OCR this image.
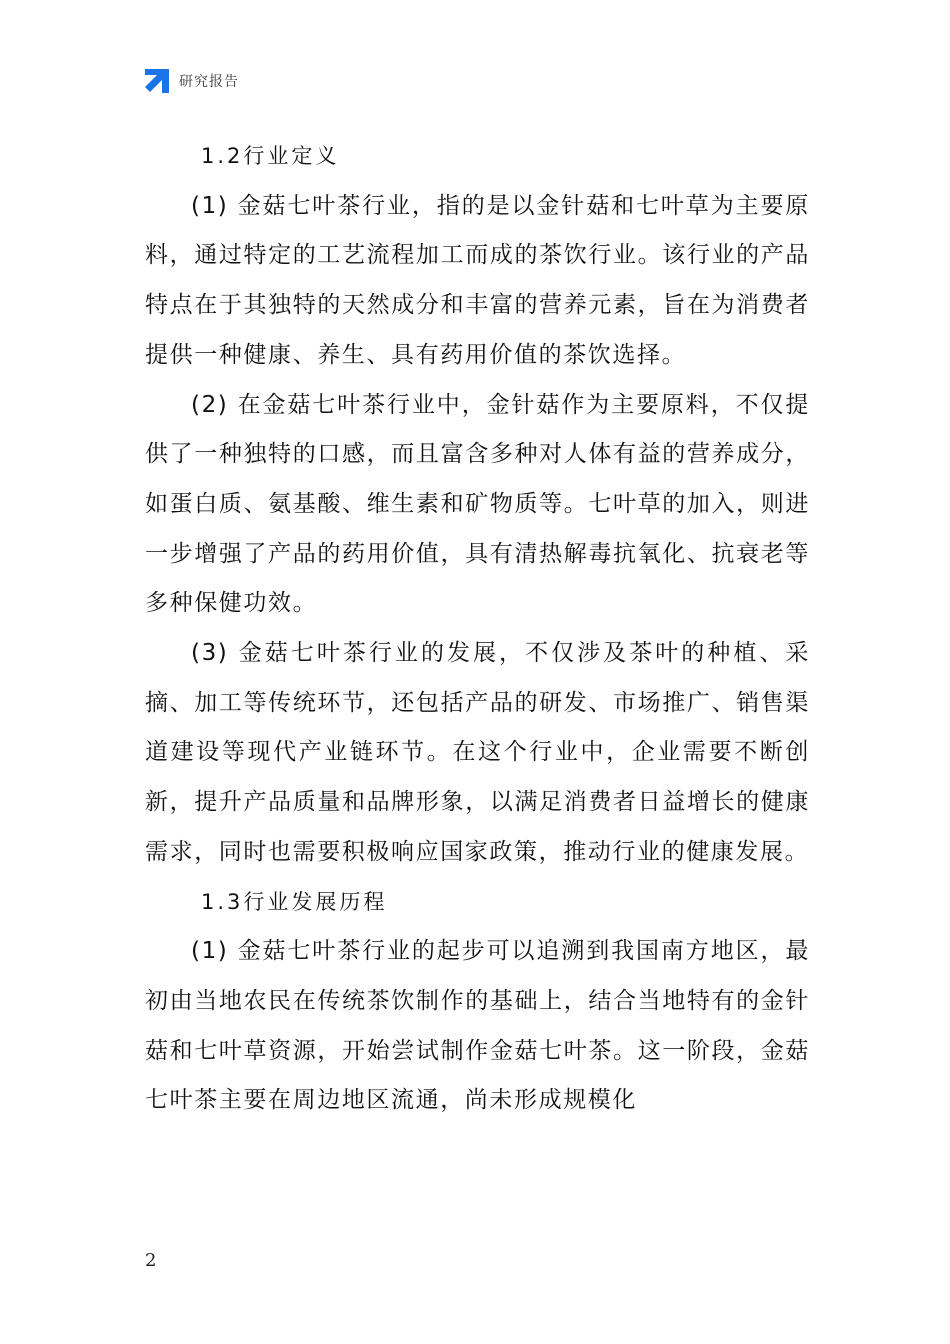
研究报告
1.2行业定义

(1) 金菇七叶茶行业，指的是以金针菇和七叶草为主要原料，通过特定的工艺流程加工而成的茶饮行业。该行业的产品特点在于其独特的天然成分和丰富的营养元素，旨在为消费者提供一种健康、养生、具有药用价值的茶饮选择。

(2) 在金菇七叶茶行业中，金针菇作为主要原料，不仅提供了一种独特的口感，而且富含多种对人体有益的营养成分，如蛋白质、氨基酸、维生素和矿物质等。七叶草的加入，则进一步增强了产品的药用价值，具有清热解毒抗氧化、抗衰老等多种保健功效。

(3) 金菇七叶茶行业的发展，不仅涉及茶叶的种植、采摘、加工等传统环节，还包括产品的研发、市场推广、销售渠道建设等现代产业链环节。在这个行业中，企业需要不断创新，提升产品质量和品牌形象，以满足消费者日益增长的健康需求，同时也需要积极响应国家政策，推动行业的健康发展。

1.3行业发展历程

(1) 金菇七叶茶行业的起步可以追溯到我国南方地区，最初由当地农民在传统茶饮制作的基础上，结合当地特有的金针菇和七叶草资源，开始尝试制作金菇七叶茶。这一阶段，金菇七叶茶主要在周边地区流通，尚未形成规模化

2
